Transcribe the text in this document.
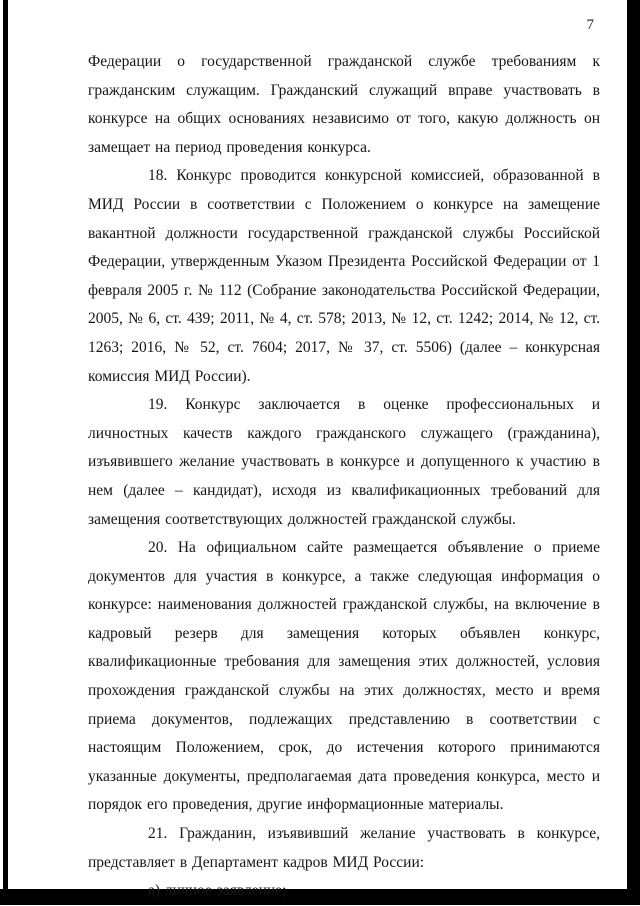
7

Федерации о государственной гражданской службе требованиям к гражданским служащим. Гражданский служащий вправе участвовать в конкурсе на общих основаниях независимо от того, какую должность он замещает на период проведения конкурса.

18. Конкурс проводится конкурсной комиссией, образованной в МИД России в соответствии с Положением о конкурсе на замещение вакантной должности государственной гражданской службы Российской Федерации, утвержденным Указом Президента Российской Федерации от 1 февраля 2005 г. № 112 (Собрание законодательства Российской Федерации, 2005, № 6, ст. 439; 2011, № 4, ст. 578; 2013, № 12, ст. 1242; 2014, № 12, ст. 1263; 2016, № 52, ст. 7604; 2017, № 37, ст. 5506) (далее – конкурсная комиссия МИД России).

19. Конкурс заключается в оценке профессиональных и личностных качеств каждого гражданского служащего (гражданина), изъявившего желание участвовать в конкурсе и допущенного к участию в нем (далее – кандидат), исходя из квалификационных требований для замещения соответствующих должностей гражданской службы.

20. На официальном сайте размещается объявление о приеме документов для участия в конкурсе, а также следующая информация о конкурсе: наименования должностей гражданской службы, на включение в кадровый резерв для замещения которых объявлен конкурс, квалификационные требования для замещения этих должностей, условия прохождения гражданской службы на этих должностях, место и время приема документов, подлежащих представлению в соответствии с настоящим Положением, срок, до истечения которого принимаются указанные документы, предполагаемая дата проведения конкурса, место и порядок его проведения, другие информационные материалы.

21. Гражданин, изъявивший желание участвовать в конкурсе, представляет в Департамент кадров МИД России:

а) личное заявление;
